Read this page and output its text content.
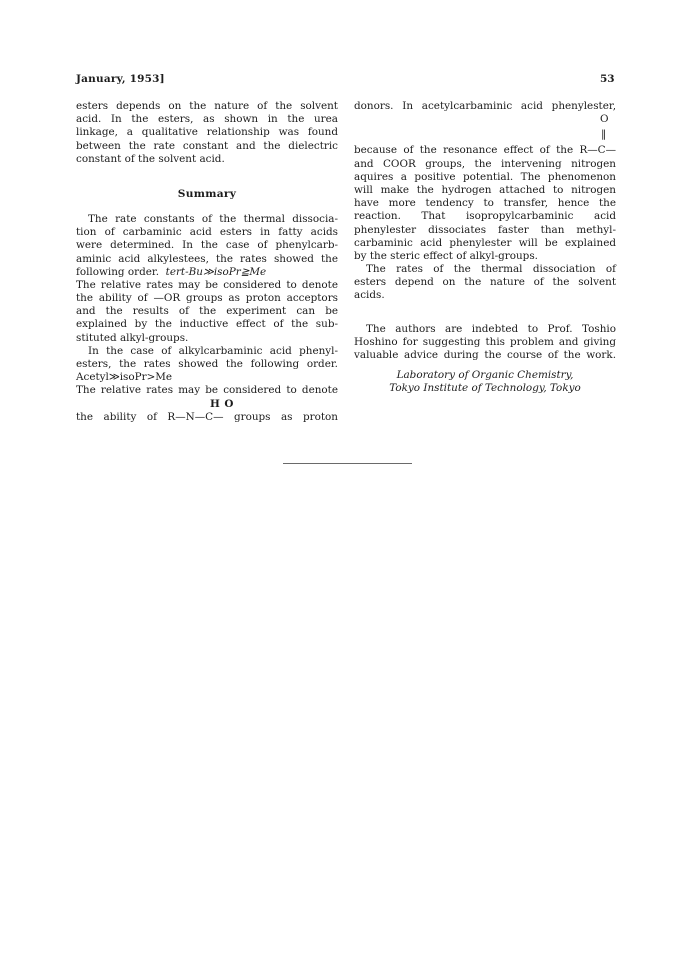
January, 1953]	53
esters depends on the nature of the solvent
acid. In the esters, as shown in the urea
linkage, a qualitative relationship was found
between the rate constant and the dielectric
constant of the solvent acid.
Summary
The rate constants of the thermal dissocia-
tion of carbaminic acid esters in fatty acids
were determined. In the case of phenylcarb-
aminic acid alkylestees, the rates showed the
following order. tert-Bu≫isoPr≧Me
The relative rates may be considered to denote
the ability of —OR groups as proton acceptors
and the results of the experiment can be
explained by the inductive effect of the sub-
stituted alkyl-groups.
In the case of alkylcarbaminic acid phenyl-
esters, the rates showed the following order.
Acetyl≫isoPr>Me
The relative rates may be considered to denote
H O
the ability of R—N—C— groups as proton
donors. In acetylcarbaminic acid phenylester,
O
‖
because of the resonance effect of the R—C—
and COOR groups, the intervening nitrogen
aquires a positive potential. The phenomenon
will make the hydrogen attached to nitrogen
have more tendency to transfer, hence the
reaction. That isopropylcarbaminic acid
phenylester dissociates faster than methyl-
carbaminic acid phenylester will be explained
by the steric effect of alkyl-groups.
The rates of the thermal dissociation of
esters depend on the nature of the solvent
acids.
The authors are indebted to Prof. Toshio
Hoshino for suggesting this problem and giving
valuable advice during the course of the work.
Laboratory of Organic Chemistry,
Tokyo Institute of Technology, Tokyo
